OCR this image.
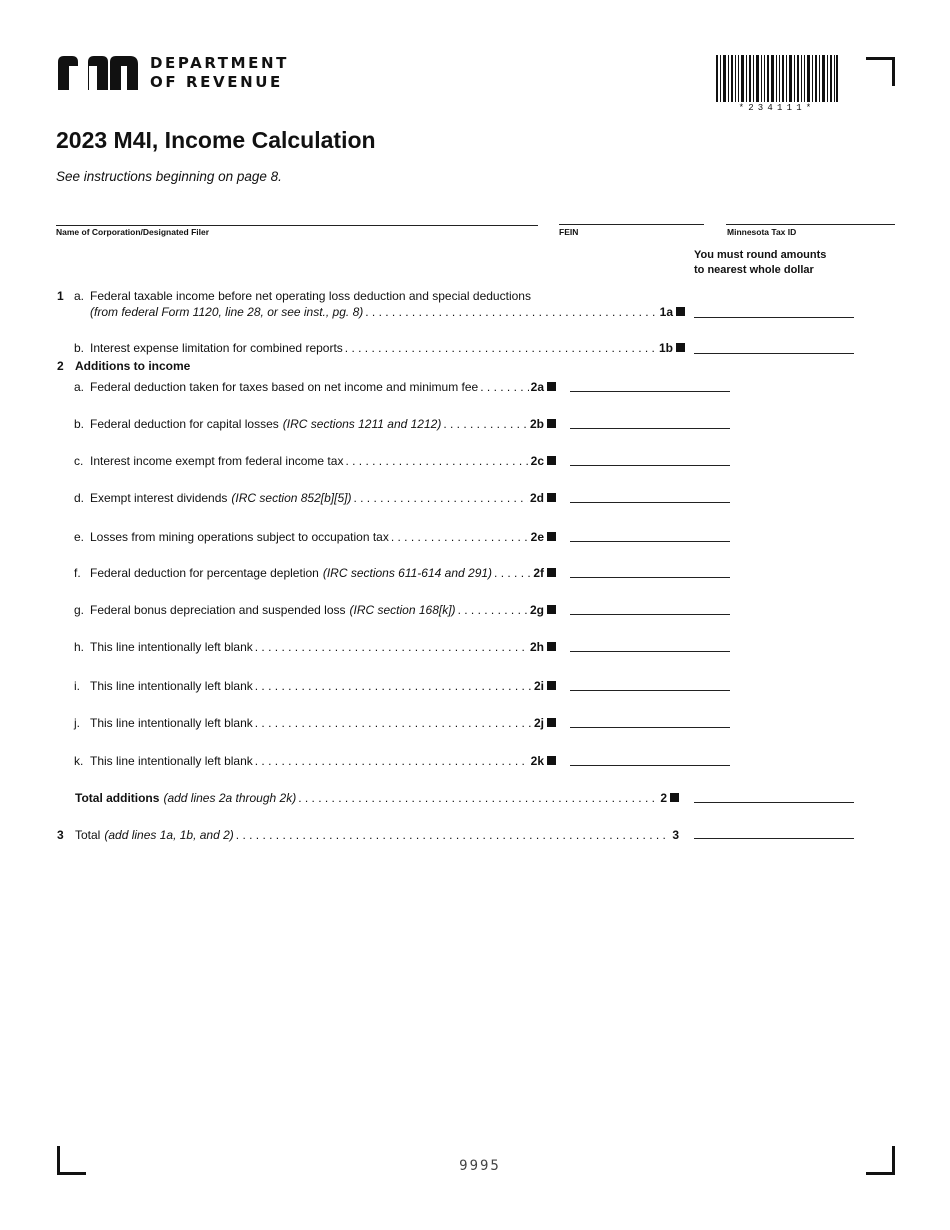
DEPARTMENT
OF REVENUE
*234111*
2023 M4I, Income Calculation
See instructions beginning on page 8.
Name of Corporation/Designated Filer	FEIN	Minnesota Tax ID
You must round amounts
to nearest whole dollar
1 a. Federal taxable income before net operating loss deduction and special deductions
(from federal Form 1120, line 28, or see inst., pg. 8) . . .	1a
b. Interest expense limitation for combined reports . . .	1b
2 Additions to income
a. Federal deduction taken for taxes based on net income and minimum fee . . .	2a
b. Federal deduction for capital losses (IRC sections 1211 and 1212) . . .	2b
c. Interest income exempt from federal income tax . . .	2c
d. Exempt interest dividends (IRC section 852[b][5]) . . .	2d
e. Losses from mining operations subject to occupation tax . . .	2e
f. Federal deduction for percentage depletion (IRC sections 611-614 and 291) . . .	2f
g. Federal bonus depreciation and suspended loss (IRC section 168[k]) . . .	2g
h. This line intentionally left blank . . .	2h
i. This line intentionally left blank . . .	2i
j. This line intentionally left blank . . .	2j
k. This line intentionally left blank . . .	2k
Total additions (add lines 2a through 2k) . . .	2
3 Total (add lines 1a, 1b, and 2) . . .	3
9995
